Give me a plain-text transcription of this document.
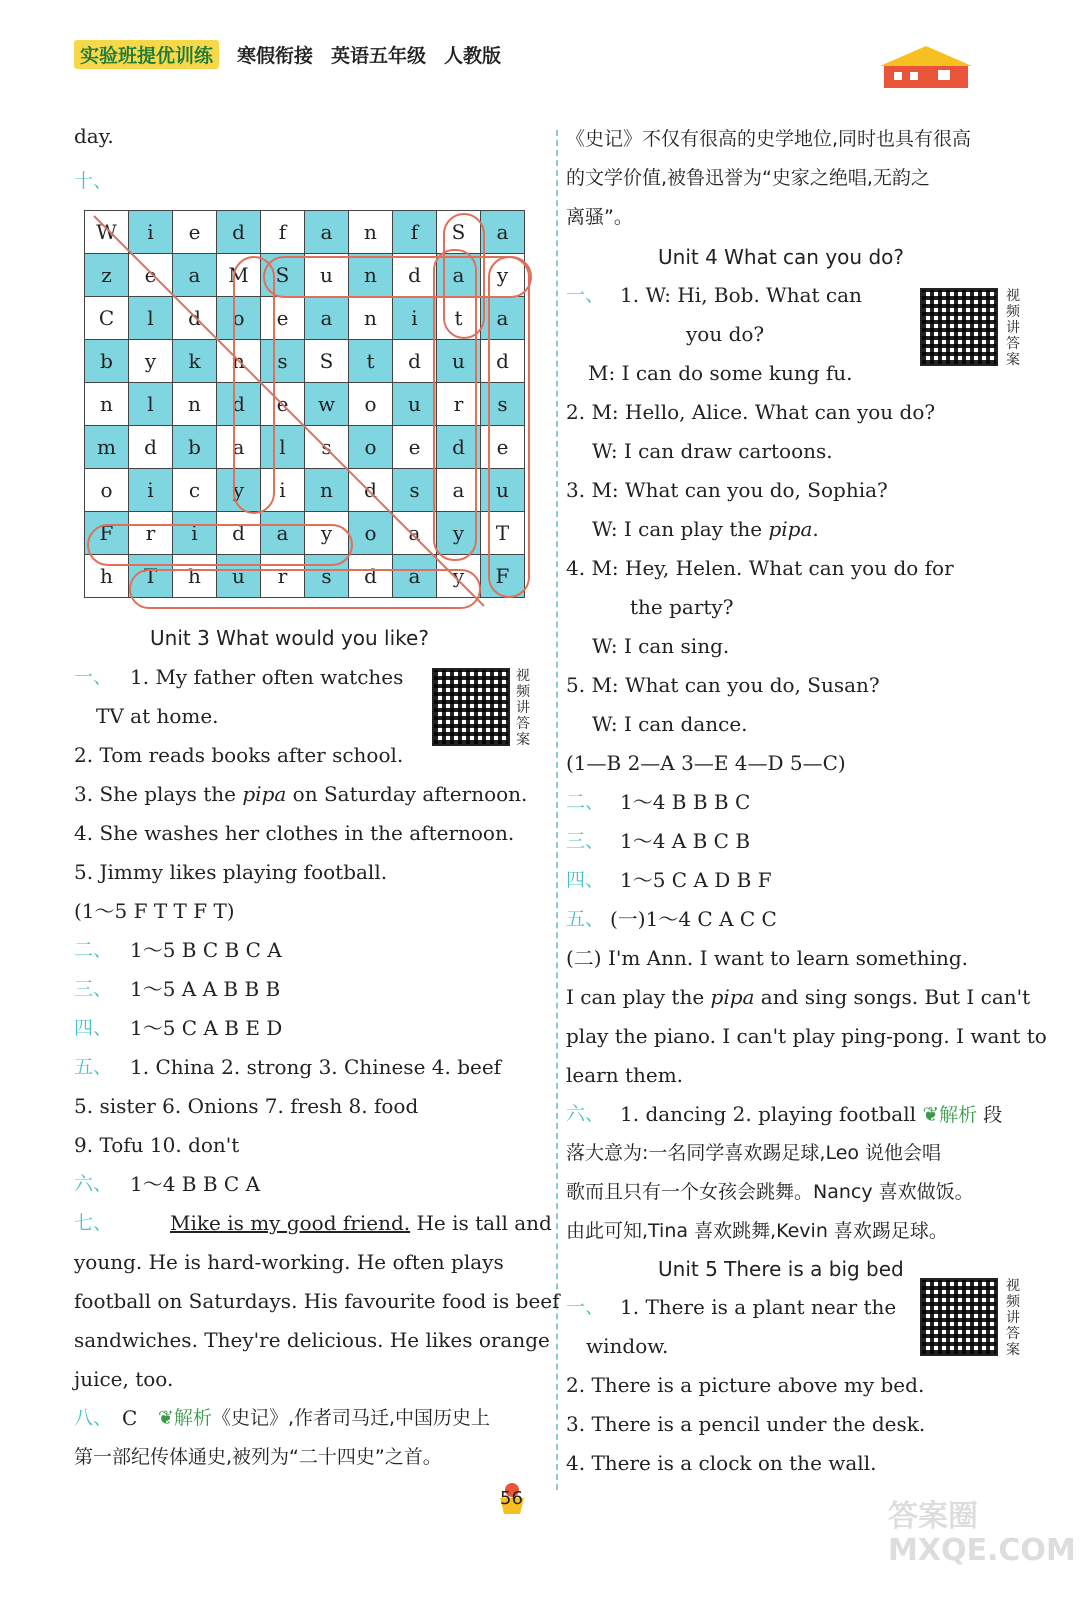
实验班提优训练	寒假衔接 英语五年级 人教版
day.
十、
W	i	e	d	f	a	n	f	S	a
z	e	a	M	S	u	n	d	a	y
C	l	d	o	e	a	n	i	t	a
b	y	k	n	s	S	t	d	u	d
n	l	n	d	e	w	o	u	r	s
m	d	b	a	l	s	o	e	d	e
o	i	c	y	i	n	d	s	a	u
F	r	i	d	a	y	o	a	y	T
h	T	h	u	r	s	d	a	y	F
Unit 3 What would you like?
一、 1. My father often watches
TV at home.
2. Tom reads books after school.
3. She plays the pipa on Saturday afternoon.
4. She washes her clothes in the afternoon.
5. Jimmy likes playing football.
(1～5 F T T F T)
二、 1～5 B C B C A
三、 1～5 A A B B B
四、 1～5 C A B E D
五、 1. China 2. strong 3. Chinese 4. beef
5. sister 6. Onions 7. fresh 8. food
9. Tofu 10. don't
六、 1～4 B B C A
七、	Mike is my good friend. He is tall and
young. He is hard-working. He often plays
football on Saturdays. His favourite food is beef
sandwiches. They're delicious. He likes orange
juice, too.
八、 C ❦解析《史记》,作者司马迁,中国历史上
第一部纪传体通史,被列为“二十四史”之首。
视频讲答案
《史记》不仅有很高的史学地位,同时也具有很高
的文学价值,被鲁迅誉为“史家之绝唱,无韵之
离骚”。
Unit 4 What can you do?
一、 1. W: Hi, Bob. What can
you do?
M: I can do some kung fu.
2. M: Hello, Alice. What can you do?
W: I can draw cartoons.
3. M: What can you do, Sophia?
W: I can play the pipa.
4. M: Hey, Helen. What can you do for
the party?
W: I can sing.
5. M: What can you do, Susan?
W: I can dance.
(1—B 2—A 3—E 4—D 5—C)
二、 1～4 B B B C
三、 1～4 A B C B
四、 1～5 C A D B F
五、 (一)1～4 C A C C
(二) I'm Ann. I want to learn something.
I can play the pipa and sing songs. But I can't
play the piano. I can't play ping-pong. I want to
learn them.
六、 1. dancing 2. playing football ❦解析 段
落大意为:一名同学喜欢踢足球,Leo 说他会唱
歌而且只有一个女孩会跳舞。Nancy 喜欢做饭。
由此可知,Tina 喜欢跳舞,Kevin 喜欢踢足球。
Unit 5 There is a big bed
一、 1. There is a plant near the
window.
2. There is a picture above my bed.
3. There is a pencil under the desk.
4. There is a clock on the wall.
视频讲答案
视频讲答案
56
答案圈 MXQE.COM
